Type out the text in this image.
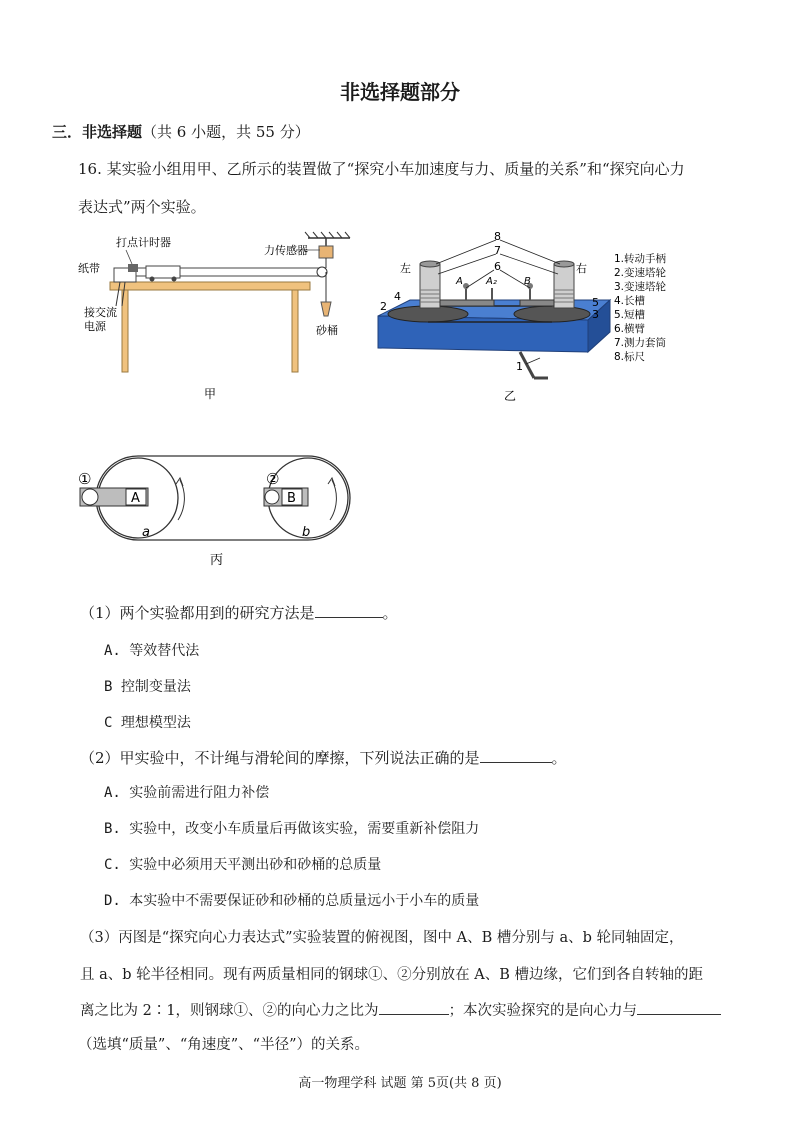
非选择题部分
三．非选择题（共 6 小题，共 55 分）
16. 某实验小组用甲、乙所示的装置做了“探究小车加速度与力、质量的关系”和“探究向心力
表达式”两个实验。
打点计时器
纸带
力传感器
接交流
电源	砂桶
甲
8
7
6
4
2	5
3
1
左	右
A A₂	B
乙
1.转动手柄
2.变速塔轮
3.变速塔轮
4.长槽
5.短槽
6.横臂
7.测力套筒
8.标尺
①	②
A	B
a	b
丙
（1）两个实验都用到的研究方法是	。
A. 等效替代法
B 控制变量法
C 理想模型法
（2）甲实验中，不计绳与滑轮间的摩擦，下列说法正确的是	。
A. 实验前需进行阻力补偿
B. 实验中，改变小车质量后再做该实验，需要重新补偿阻力
C. 实验中必须用天平测出砂和砂桶的总质量
D. 本实验中不需要保证砂和砂桶的总质量远小于小车的质量
（3）丙图是“探究向心力表达式”实验装置的俯视图，图中 A、B 槽分别与 a、b 轮同轴固定，
且 a、b 轮半径相同。现有两质量相同的钢球①、②分别放在 A、B 槽边缘，它们到各自转轴的距
离之比为 2∶1，则钢球①、②的向心力之比为	；本次实验探究的是向心力与
（选填“质量”、“角速度”、“半径”）的关系。
高一物理学科 试题 第 5页(共 8 页)
